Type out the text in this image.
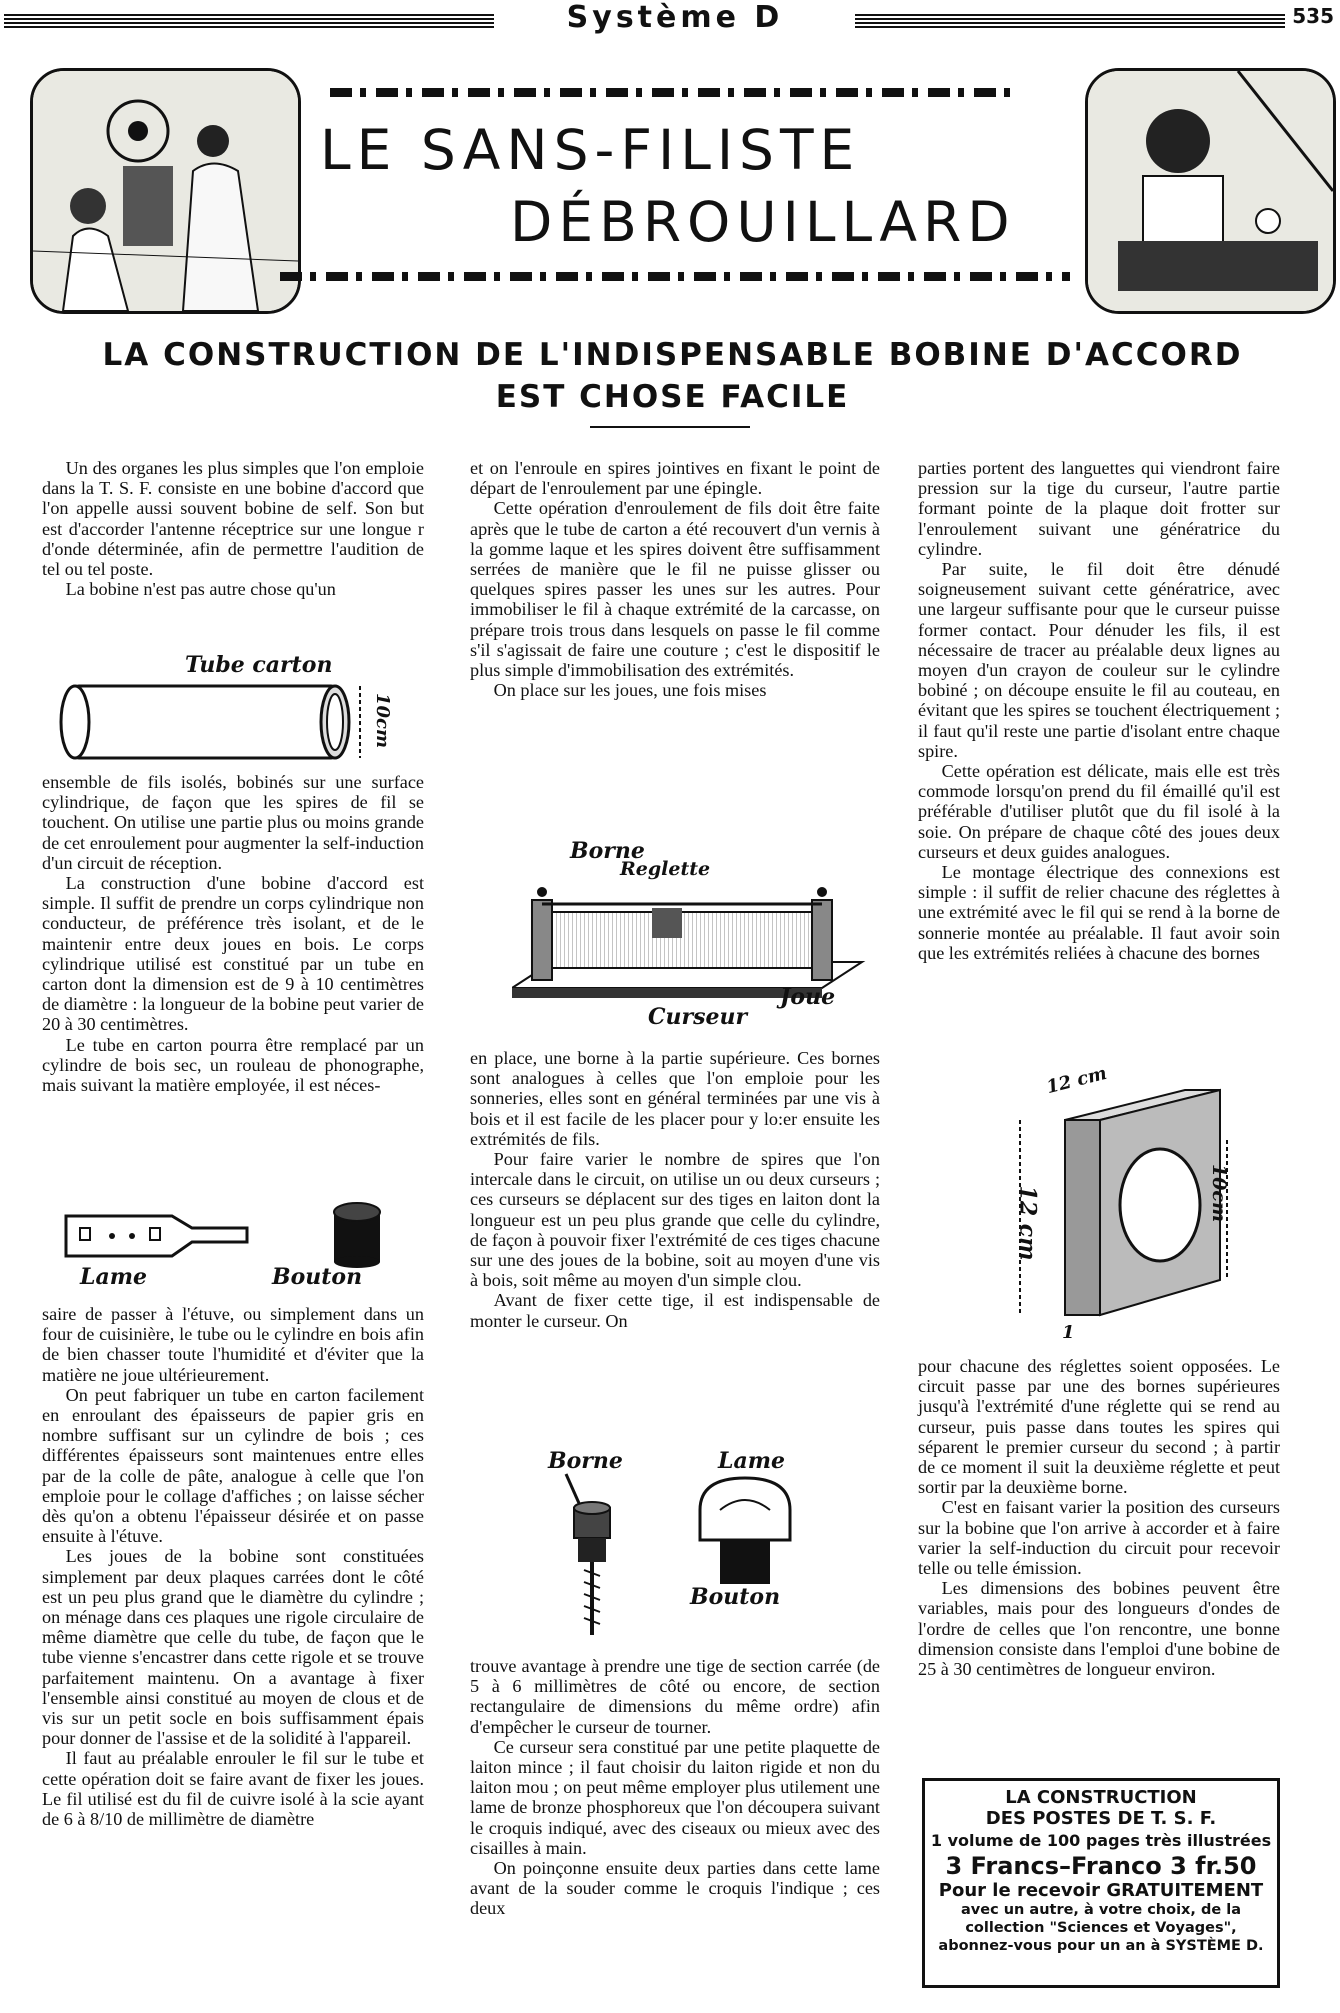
Système D	535
LE SANS-FILISTE
DÉBROUILLARD
LA CONSTRUCTION DE L'INDISPENSABLE BOBINE D'ACCORD
EST CHOSE FACILE

Un des organes les plus simples que l'on emploie dans la T. S. F. consiste en une bobine d'accord que l'on appelle aussi souvent bobine de self. Son but est d'accorder l'antenne réceptrice sur une longue r d'onde déterminée, afin de permettre l'audition de tel ou tel poste.

La bobine n'est pas autre chose qu'un

Tube carton
10cm

ensemble de fils isolés, bobinés sur une surface cylindrique, de façon que les spires de fil se touchent. On utilise une partie plus ou moins grande de cet enroulement pour augmenter la self-induction d'un circuit de réception.

La construction d'une bobine d'accord est simple. Il suffit de prendre un corps cylindrique non conducteur, de préférence très isolant, et de le maintenir entre deux joues en bois. Le corps cylindrique utilisé est constitué par un tube en carton dont la dimension est de 9 à 10 centimètres de diamètre : la longueur de la bobine peut varier de 20 à 30 centimètres.

Le tube en carton pourra être remplacé par un cylindre de bois sec, un rouleau de phonographe, mais suivant la matière employée, il est néces-

Lame	Bouton

saire de passer à l'étuve, ou simplement dans un four de cuisinière, le tube ou le cylindre en bois afin de bien chasser toute l'humidité et d'éviter que la matière ne joue ultérieurement.

On peut fabriquer un tube en carton facilement en enroulant des épaisseurs de papier gris en nombre suffisant sur un cylindre de bois ; ces différentes épaisseurs sont maintenues entre elles par de la colle de pâte, analogue à celle que l'on emploie pour le collage d'affiches ; on laisse sécher dès qu'on a obtenu l'épaisseur désirée et on passe ensuite à l'étuve.

Les joues de la bobine sont constituées simplement par deux plaques carrées dont le côté est un peu plus grand que le diamètre du cylindre ; on ménage dans ces plaques une rigole circulaire de même diamètre que celle du tube, de façon que le tube vienne s'encastrer dans cette rigole et se trouve parfaitement maintenu. On a avantage à fixer l'ensemble ainsi constitué au moyen de clous et de vis sur un petit socle en bois suffisamment épais pour donner de l'assise et de la solidité à l'appareil.

Il faut au préalable enrouler le fil sur le tube et cette opération doit se faire avant de fixer les joues. Le fil utilisé est du fil de cuivre isolé à la scie ayant de 6 à 8/10 de millimètre de diamètre

et on l'enroule en spires jointives en fixant le point de départ de l'enroulement par une épingle.

Cette opération d'enroulement de fils doit être faite après que le tube de carton a été recouvert d'un vernis à la gomme laque et les spires doivent être suffisamment serrées de manière que le fil ne puisse glisser ou quelques spires passer les unes sur les autres. Pour immobiliser le fil à chaque extrémité de la carcasse, on prépare trois trous dans lesquels on passe le fil comme s'il s'agissait de faire une couture ; c'est le dispositif le plus simple d'immobilisation des extrémités.

On place sur les joues, une fois mises

Borne
Reglette
Joue
Curseur

en place, une borne à la partie supérieure. Ces bornes sont analogues à celles que l'on emploie pour les sonneries, elles sont en général terminées par une vis à bois et il est facile de les placer pour y lo:er ensuite les extrémités de fils.

Pour faire varier le nombre de spires que l'on intercale dans le circuit, on utilise un ou deux curseurs ; ces curseurs se déplacent sur des tiges en laiton dont la longueur est un peu plus grande que celle du cylindre, de façon à pouvoir fixer l'extrémité de ces tiges chacune sur une des joues de la bobine, soit au moyen d'une vis à bois, soit même au moyen d'un simple clou.

Avant de fixer cette tige, il est indispensable de monter le curseur. On

Borne	Lame
Bouton

trouve avantage à prendre une tige de section carrée (de 5 à 6 millimètres de côté ou encore, de section rectangulaire de dimensions du même ordre) afin d'empêcher le curseur de tourner.

Ce curseur sera constitué par une petite plaquette de laiton mince ; il faut choisir du laiton rigide et non du laiton mou ; on peut même employer plus utilement une lame de bronze phosphoreux que l'on découpera suivant le croquis indiqué, avec des ciseaux ou mieux avec des cisailles à main.

On poinçonne ensuite deux parties dans cette lame avant de la souder comme le croquis l'indique ; ces deux

parties portent des languettes qui viendront faire pression sur la tige du curseur, l'autre partie formant pointe de la plaque doit frotter sur l'enroulement suivant une génératrice du cylindre.

Par suite, le fil doit être dénudé soigneusement suivant cette génératrice, avec une largeur suffisante pour que le curseur puisse former contact. Pour dénuder les fils, il est nécessaire de tracer au préalable deux lignes au moyen d'un crayon de couleur sur le cylindre bobiné ; on découpe ensuite le fil au couteau, en évitant que les spires se touchent électriquement ; il faut qu'il reste une partie d'isolant entre chaque spire.

Cette opération est délicate, mais elle est très commode lorsqu'on prend du fil émaillé qu'il est préférable d'utiliser plutôt que du fil isolé à la soie. On prépare de chaque côté des joues deux curseurs et deux guides analogues.

Le montage électrique des connexions est simple : il suffit de relier chacune des réglettes à une extrémité avec le fil qui se rend à la borne de sonnerie montée au préalable. Il faut avoir soin que les extrémités reliées à chacune des bornes

12 cm
12 cm	10cm
1

pour chacune des réglettes soient opposées. Le circuit passe par une des bornes supérieures jusqu'à l'extrémité d'une réglette qui se rend au curseur, puis passe dans toutes les spires qui séparent le premier curseur du second ; à partir de ce moment il suit la deuxième réglette et peut sortir par la deuxième borne.

C'est en faisant varier la position des curseurs sur la bobine que l'on arrive à accorder et à faire varier la self-induction du circuit pour recevoir telle ou telle émission.

Les dimensions des bobines peuvent être variables, mais pour des longueurs d'ondes de l'ordre de celles que l'on rencontre, une bonne dimension consiste dans l'emploi d'une bobine de 25 à 30 centimètres de longueur environ.

LA CONSTRUCTION
DES POSTES DE T. S. F.
1 volume de 100 pages très illustrées
3 Francs–Franco 3 fr.50
Pour le recevoir GRATUITEMENT
avec un autre, à votre choix, de la collection "Sciences et Voyages", abonnez-vous pour un an à SYSTÈME D.
